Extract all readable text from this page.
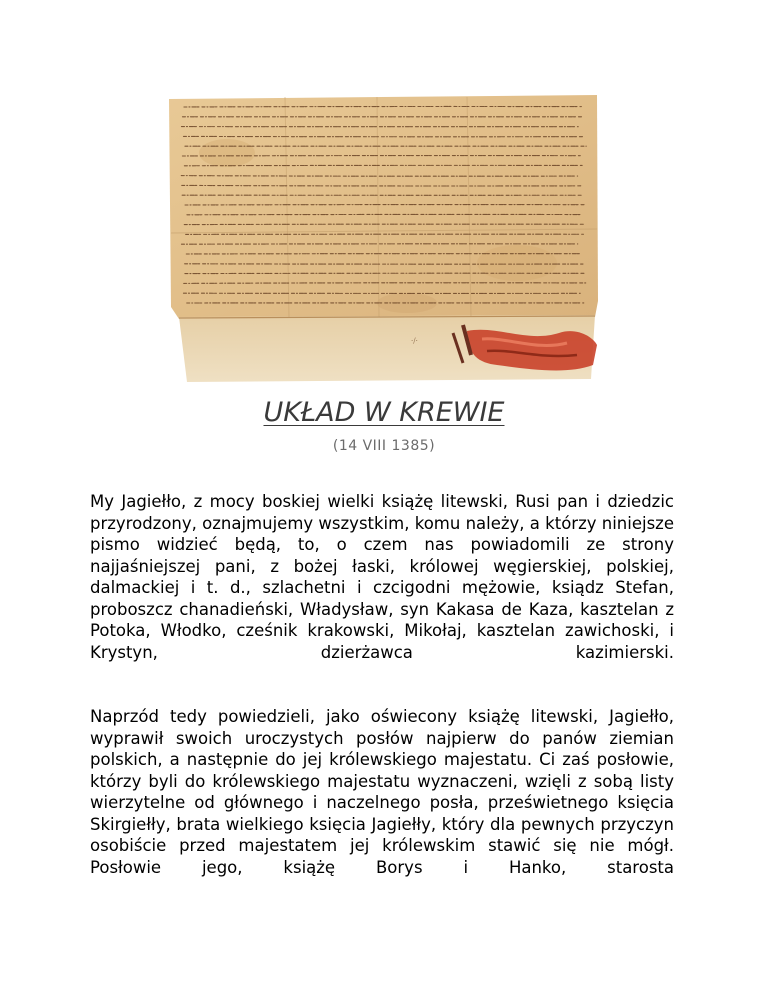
·/·
UKŁAD W KREWIE
(14 VIII 1385)

My Jagiełło, z mocy boskiej wielki książę litewski, Rusi pan i dziedzic przyrodzony, oznajmujemy wszystkim, komu należy, a którzy niniejsze pismo widzieć będą, to, o czem nas powiadomili ze strony najjaśniejszej pani, z bożej łaski, królowej węgierskiej, polskiej, dalmackiej i t. d., szlachetni i czcigodni mężowie, ksiądz Stefan, proboszcz chanadieński, Władysław, syn Kakasa de Kaza, kasztelan z Potoka, Włodko, cześnik krakowski, Mikołaj, kasztelan zawichoski, i Krystyn, dzierżawca kazimierski.

Naprzód tedy powiedzieli, jako oświecony książę litewski, Jagiełło, wyprawił swoich uroczystych posłów najpierw do panów ziemian polskich, a następnie do jej królewskiego majestatu. Ci zaś posłowie, którzy byli do królewskiego majestatu wyznaczeni, wzięli z sobą listy wierzytelne od głównego i naczelnego posła, prześwietnego księcia Skirgiełły, brata wielkiego księcia Jagiełły, który dla pewnych przyczyn osobiście przed majestatem jej królewskim stawić się nie mógł. Posłowie jego, książę Borys i Hanko, starosta
